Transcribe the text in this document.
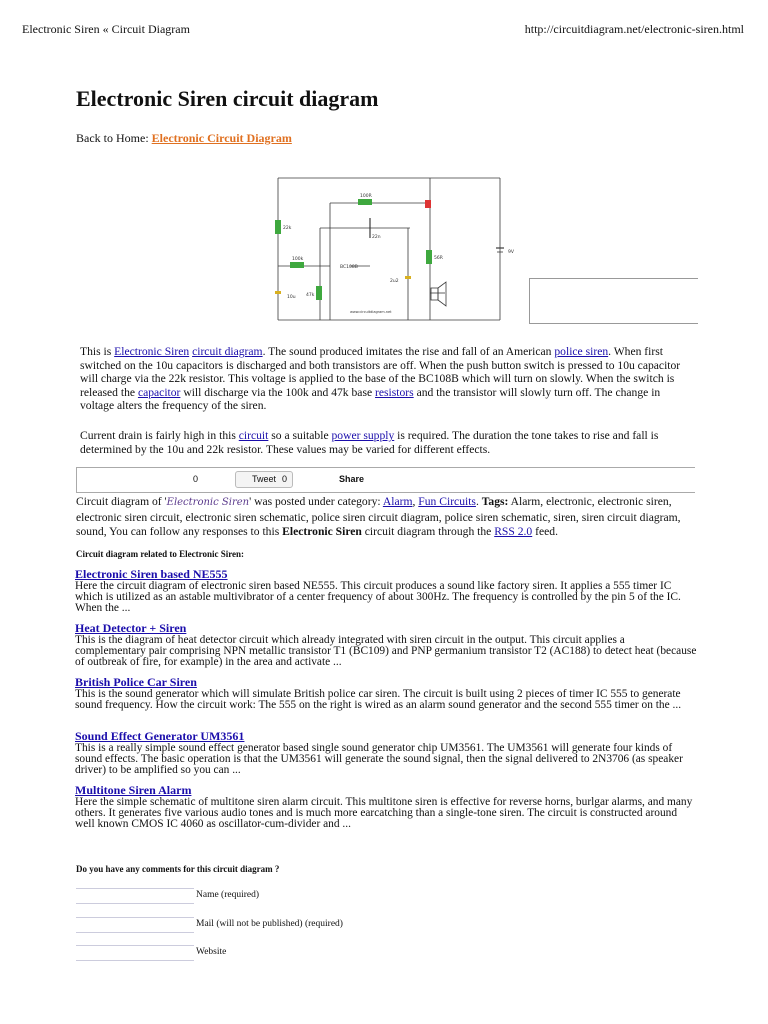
Electronic Siren « Circuit Diagram	http://circuitdiagram.net/electronic-siren.html
Electronic Siren circuit diagram
Back to Home: Electronic Circuit Diagram
22k
100k
47k
100R
56R
10u
22n
2u2
BC108B
9V
www.circuitdiagram.net

This is Electronic Siren circuit diagram. The sound produced imitates the rise and fall of an American police siren. When first switched on the 10u capacitors is discharged and both transistors are off. When the push button switch is pressed to 10u capacitor will charge via the 22k resistor. This voltage is applied to the base of the BC108B which will turn on slowly. When the switch is released the capacitor will discharge via the 100k and 47k base resistors and the transistor will slowly turn off. The change in voltage alters the frequency of the siren.

Current drain is fairly high in this circuit so a suitable power supply is required. The duration the tone takes to rise and fall is determined by the 10u and 22k resistor. These values may be varied for different effects.

0	Tweet 0	Share

Circuit diagram of 'Electronic Siren' was posted under category: Alarm, Fun Circuits. Tags: Alarm, electronic, electronic siren, electronic siren circuit, electronic siren schematic, police siren circuit diagram, police siren schematic, siren, siren circuit diagram, sound, You can follow any responses to this Electronic Siren circuit diagram through the RSS 2.0 feed.

Circuit diagram related to Electronic Siren:

Electronic Siren based NE555

Here the circuit diagram of electronic siren based NE555. This circuit produces a sound like factory siren. It applies a 555 timer IC which is utilized as an astable multivibrator of a center frequency of about 300Hz. The frequency is controlled by the pin 5 of the IC. When the ...

Heat Detector + Siren

This is the diagram of heat detector circuit which already integrated with siren circuit in the output. This circuit applies a complementary pair comprising NPN metallic transistor T1 (BC109) and PNP germanium transistor T2 (AC188) to detect heat (because of outbreak of fire, for example) in the area and activate ...

British Police Car Siren

This is the sound generator which will simulate British police car siren. The circuit is built using 2 pieces of timer IC 555 to generate sound frequency. How the circuit work: The 555 on the right is wired as an alarm sound generator and the second 555 timer on the ...

Sound Effect Generator UM3561

This is a really simple sound effect generator based single sound generator chip UM3561. The UM3561 will generate four kinds of sound effects. The basic operation is that the UM3561 will generate the sound signal, then the signal delivered to 2N3706 (as speaker driver) to be amplified so you can ...

Multitone Siren Alarm

Here the simple schematic of multitone siren alarm circuit. This multitone siren is effective for reverse horns, burlgar alarms, and many others. It generates five various audio tones and is much more earcatching than a single-tone siren. The circuit is constructed around well known CMOS IC 4060 as oscillator-cum-divider and ...

Do you have any comments for this circuit diagram ?

Name (required)
Mail (will not be published) (required)
Website
